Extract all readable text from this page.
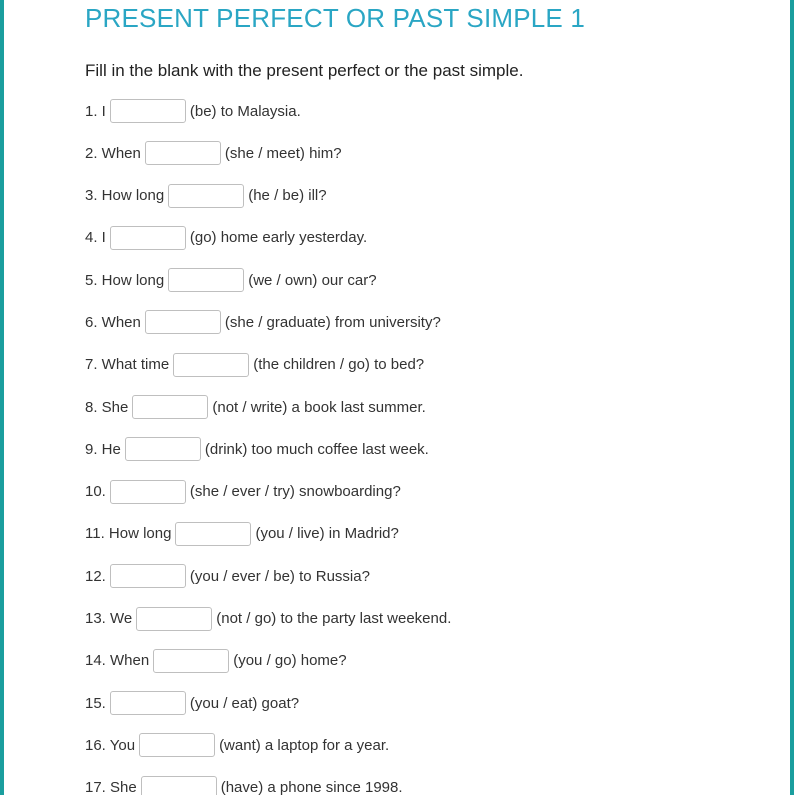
PRESENT PERFECT OR PAST SIMPLE 1
Fill in the blank with the present perfect or the past simple.
1. I	(be) to Malaysia.
2. When	(she / meet) him?
3. How long	(he / be) ill?
4. I	(go) home early yesterday.
5. How long	(we / own) our car?
6. When	(she / graduate) from university?
7. What time	(the children / go) to bed?
8. She	(not / write) a book last summer.
9. He	(drink) too much coffee last week.
10.	(she / ever / try) snowboarding?
11. How long	(you / live) in Madrid?
12.	(you / ever / be) to Russia?
13. We	(not / go) to the party last weekend.
14. When	(you / go) home?
15.	(you / eat) goat?
16. You	(want) a laptop for a year.
17. She	(have) a phone since 1998.
